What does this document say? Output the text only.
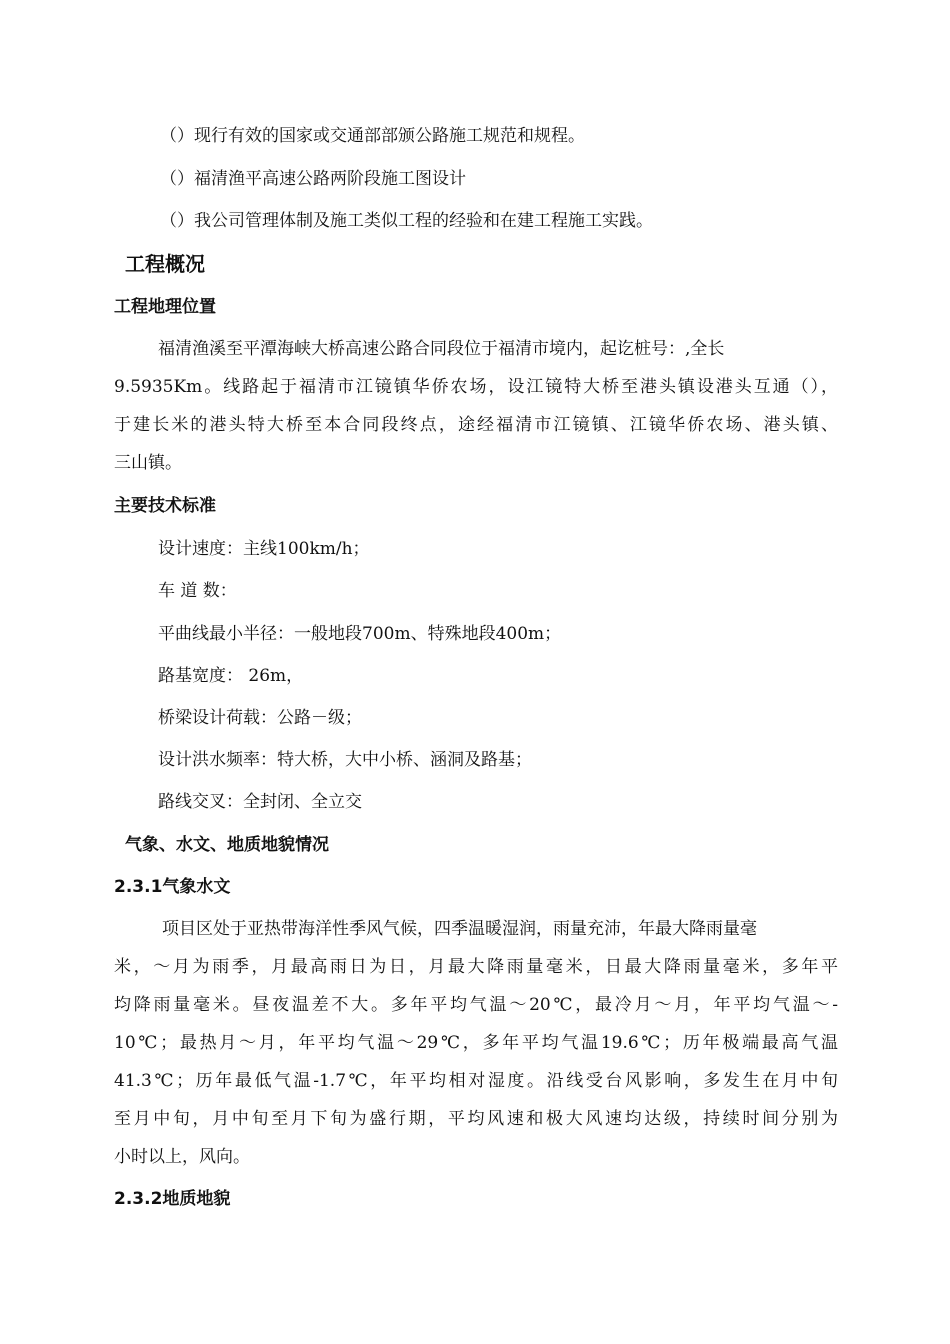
（）现行有效的国家或交通部部颁公路施工规范和规程。
（）福清渔平高速公路两阶段施工图设计
（）我公司管理体制及施工类似工程的经验和在建工程施工实践。
工程概况
工程地理位置
福清渔溪至平潭海峡大桥高速公路合同段位于福清市境内，起讫桩号：,全长
9.5935Km。线路起于福清市江镜镇华侨农场，设江镜特大桥至港头镇设港头互通（），
于建长米的港头特大桥至本合同段终点，途经福清市江镜镇、江镜华侨农场、港头镇、
三山镇。
主要技术标准
设计速度：主线100km/h；
车 道 数：
平曲线最小半径：一般地段700m、特殊地段400m；
路基宽度： 26m，
桥梁设计荷载：公路－级；
设计洪水频率：特大桥，大中小桥、涵洞及路基；
路线交叉：全封闭、全立交
气象、水文、地质地貌情况
2.3.1气象水文
项目区处于亚热带海洋性季风气候，四季温暖湿润，雨量充沛，年最大降雨量毫
米，～月为雨季，月最高雨日为日，月最大降雨量毫米，日最大降雨量毫米，多年平
均降雨量毫米。昼夜温差不大。多年平均气温～20℃，最冷月～月，年平均气温～-
10℃；最热月～月，年平均气温～29℃，多年平均气温19.6℃；历年极端最高气温
41.3℃；历年最低气温-1.7℃，年平均相对湿度。沿线受台风影响，多发生在月中旬
至月中旬，月中旬至月下旬为盛行期，平均风速和极大风速均达级，持续时间分别为
小时以上，风向。
2.3.2地质地貌
